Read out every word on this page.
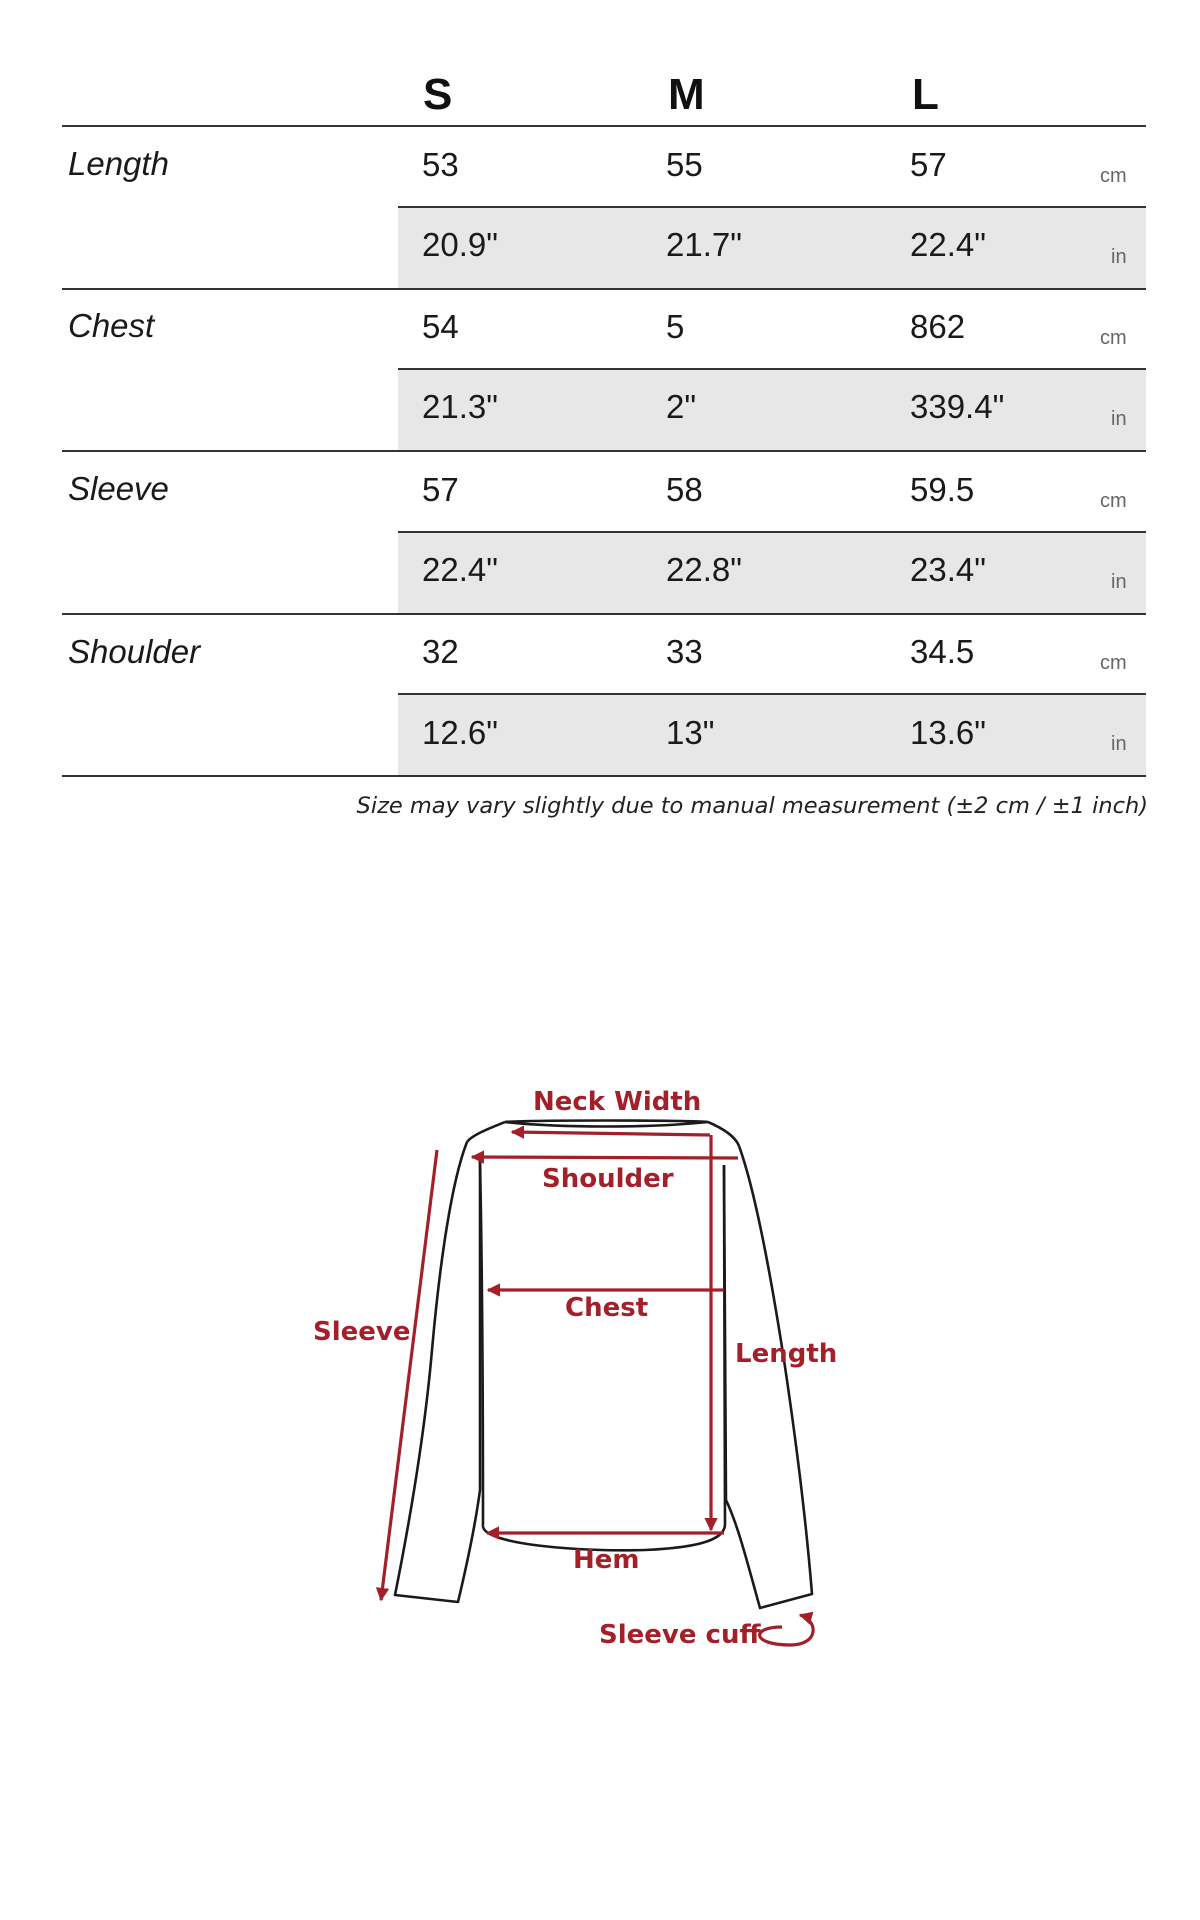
S	M	L
Length	53	55	57	cm
20.9"	21.7"	22.4"	in
Chest	54	5	862	cm
21.3"	2"	339.4"	in
Sleeve	57	58	59.5	cm
22.4"	22.8"	23.4"	in
Shoulder	32	33	34.5	cm
12.6"	13"	13.6"	in
Size may vary slightly due to manual measurement (±2 cm / ±1 inch)
Neck Width
Shoulder
Chest
Length
Sleeve
Hem
Sleeve cuff
